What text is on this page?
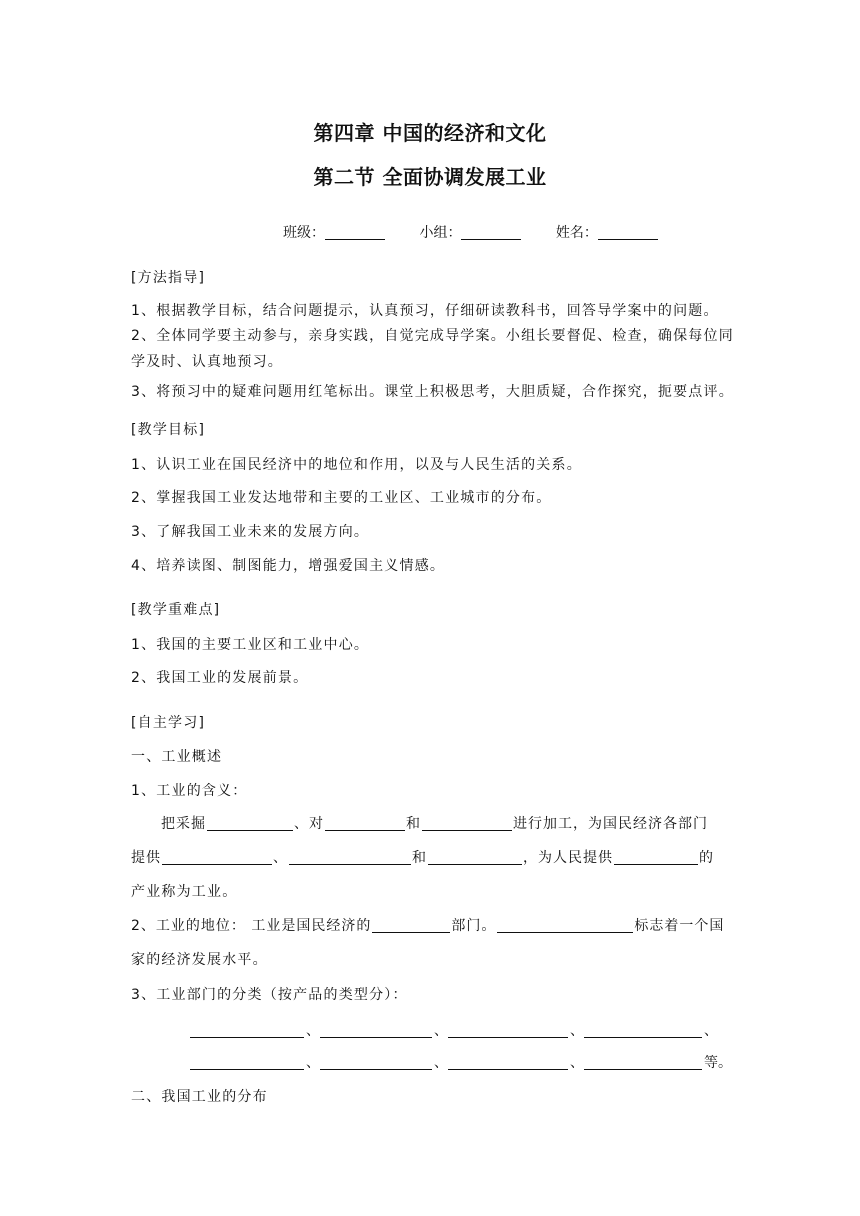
第四章 中国的经济和文化
第二节 全面协调发展工业
班级：	小组：	姓名：
[方法指导]
1、根据教学目标，结合问题提示，认真预习，仔细研读教科书，回答导学案中的问题。
2、全体同学要主动参与，亲身实践，自觉完成导学案。小组长要督促、检查，确保每位同
学及时、认真地预习。
3、将预习中的疑难问题用红笔标出。课堂上积极思考，大胆质疑，合作探究，扼要点评。
[教学目标]
1、认识工业在国民经济中的地位和作用，以及与人民生活的关系。
2、掌握我国工业发达地带和主要的工业区、工业城市的分布。
3、了解我国工业未来的发展方向。
4、培养读图、制图能力，增强爱国主义情感。
[教学重难点]
1、我国的主要工业区和工业中心。
2、我国工业的发展前景。
[自主学习]
一、工业概述
1、工业的含义：
把采掘	、对	和	进行加工，为国民经济各部门
提供	、	和	，为人民提供	的
产业称为工业。
2、工业的地位： 工业是国民经济的	部门。	标志着一个国
家的经济发展水平。
3、工业部门的分类（按产品的类型分）：
、	、	、	、
、	、	、	等。
二、我国工业的分布
